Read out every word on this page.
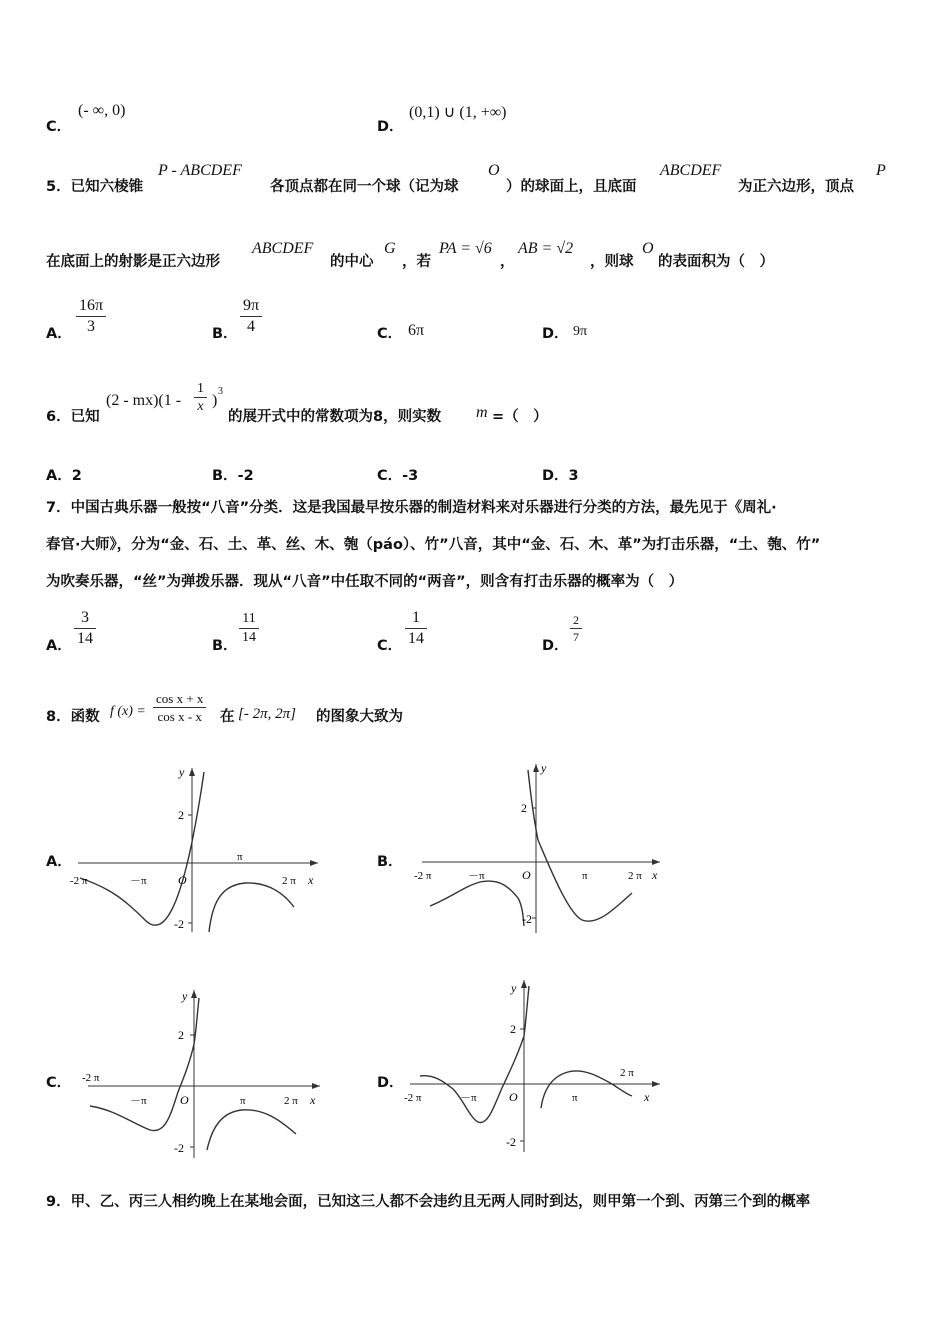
C．
(- ∞, 0)
D．
(0,1) ∪ (1, +∞)
5．已知六棱锥
P - ABCDEF
各顶点都在同一个球（记为球
O
）的球面上，且底面
ABCDEF
为正六边形，顶点
P
在底面上的射影是正六边形
ABCDEF
的中心
G
，若
PA = √6
，
AB = √2
，则球
O
的表面积为（　）
A．
16π
3	B．
9π
4	C． 6π	D． 9π
6．已知
(2 - mx)(1 -
1
x )
3
的展开式中的常数项为8，则实数 m =（　）
A．2	B．-2	C．-3	D．3
7．中国古典乐器一般按“八音”分类．这是我国最早按乐器的制造材料来对乐器进行分类的方法，最先见于《周礼·
春官·大师》，分为“金、石、土、革、丝、木、匏（páo）、竹”八音，其中“金、石、木、革”为打击乐器，“土、匏、竹”
为吹奏乐器，“丝”为弹拨乐器．现从“八音”中任取不同的“两音”，则含有打击乐器的概率为（　）
A．
3
14	B．
11
14
C．
1
14	D．
2
7
8．函数 f (x) =
cos x + x
cos x - x 在 [- 2π, 2π] 的图象大致为
A．	B．
C．	D．
y
2
-2
O
π
－π
-2 π	2 π x
y
2
-2
O	π
－π
-2 π	2 π x
y
2
-2
O	π
－π
-2 π
2 π x
y
2
-2
O	π
－π
-2 π
2 π
x
9．甲、乙、丙三人相约晚上在某地会面，已知这三人都不会违约且无两人同时到达，则甲第一个到、丙第三个到的概率
